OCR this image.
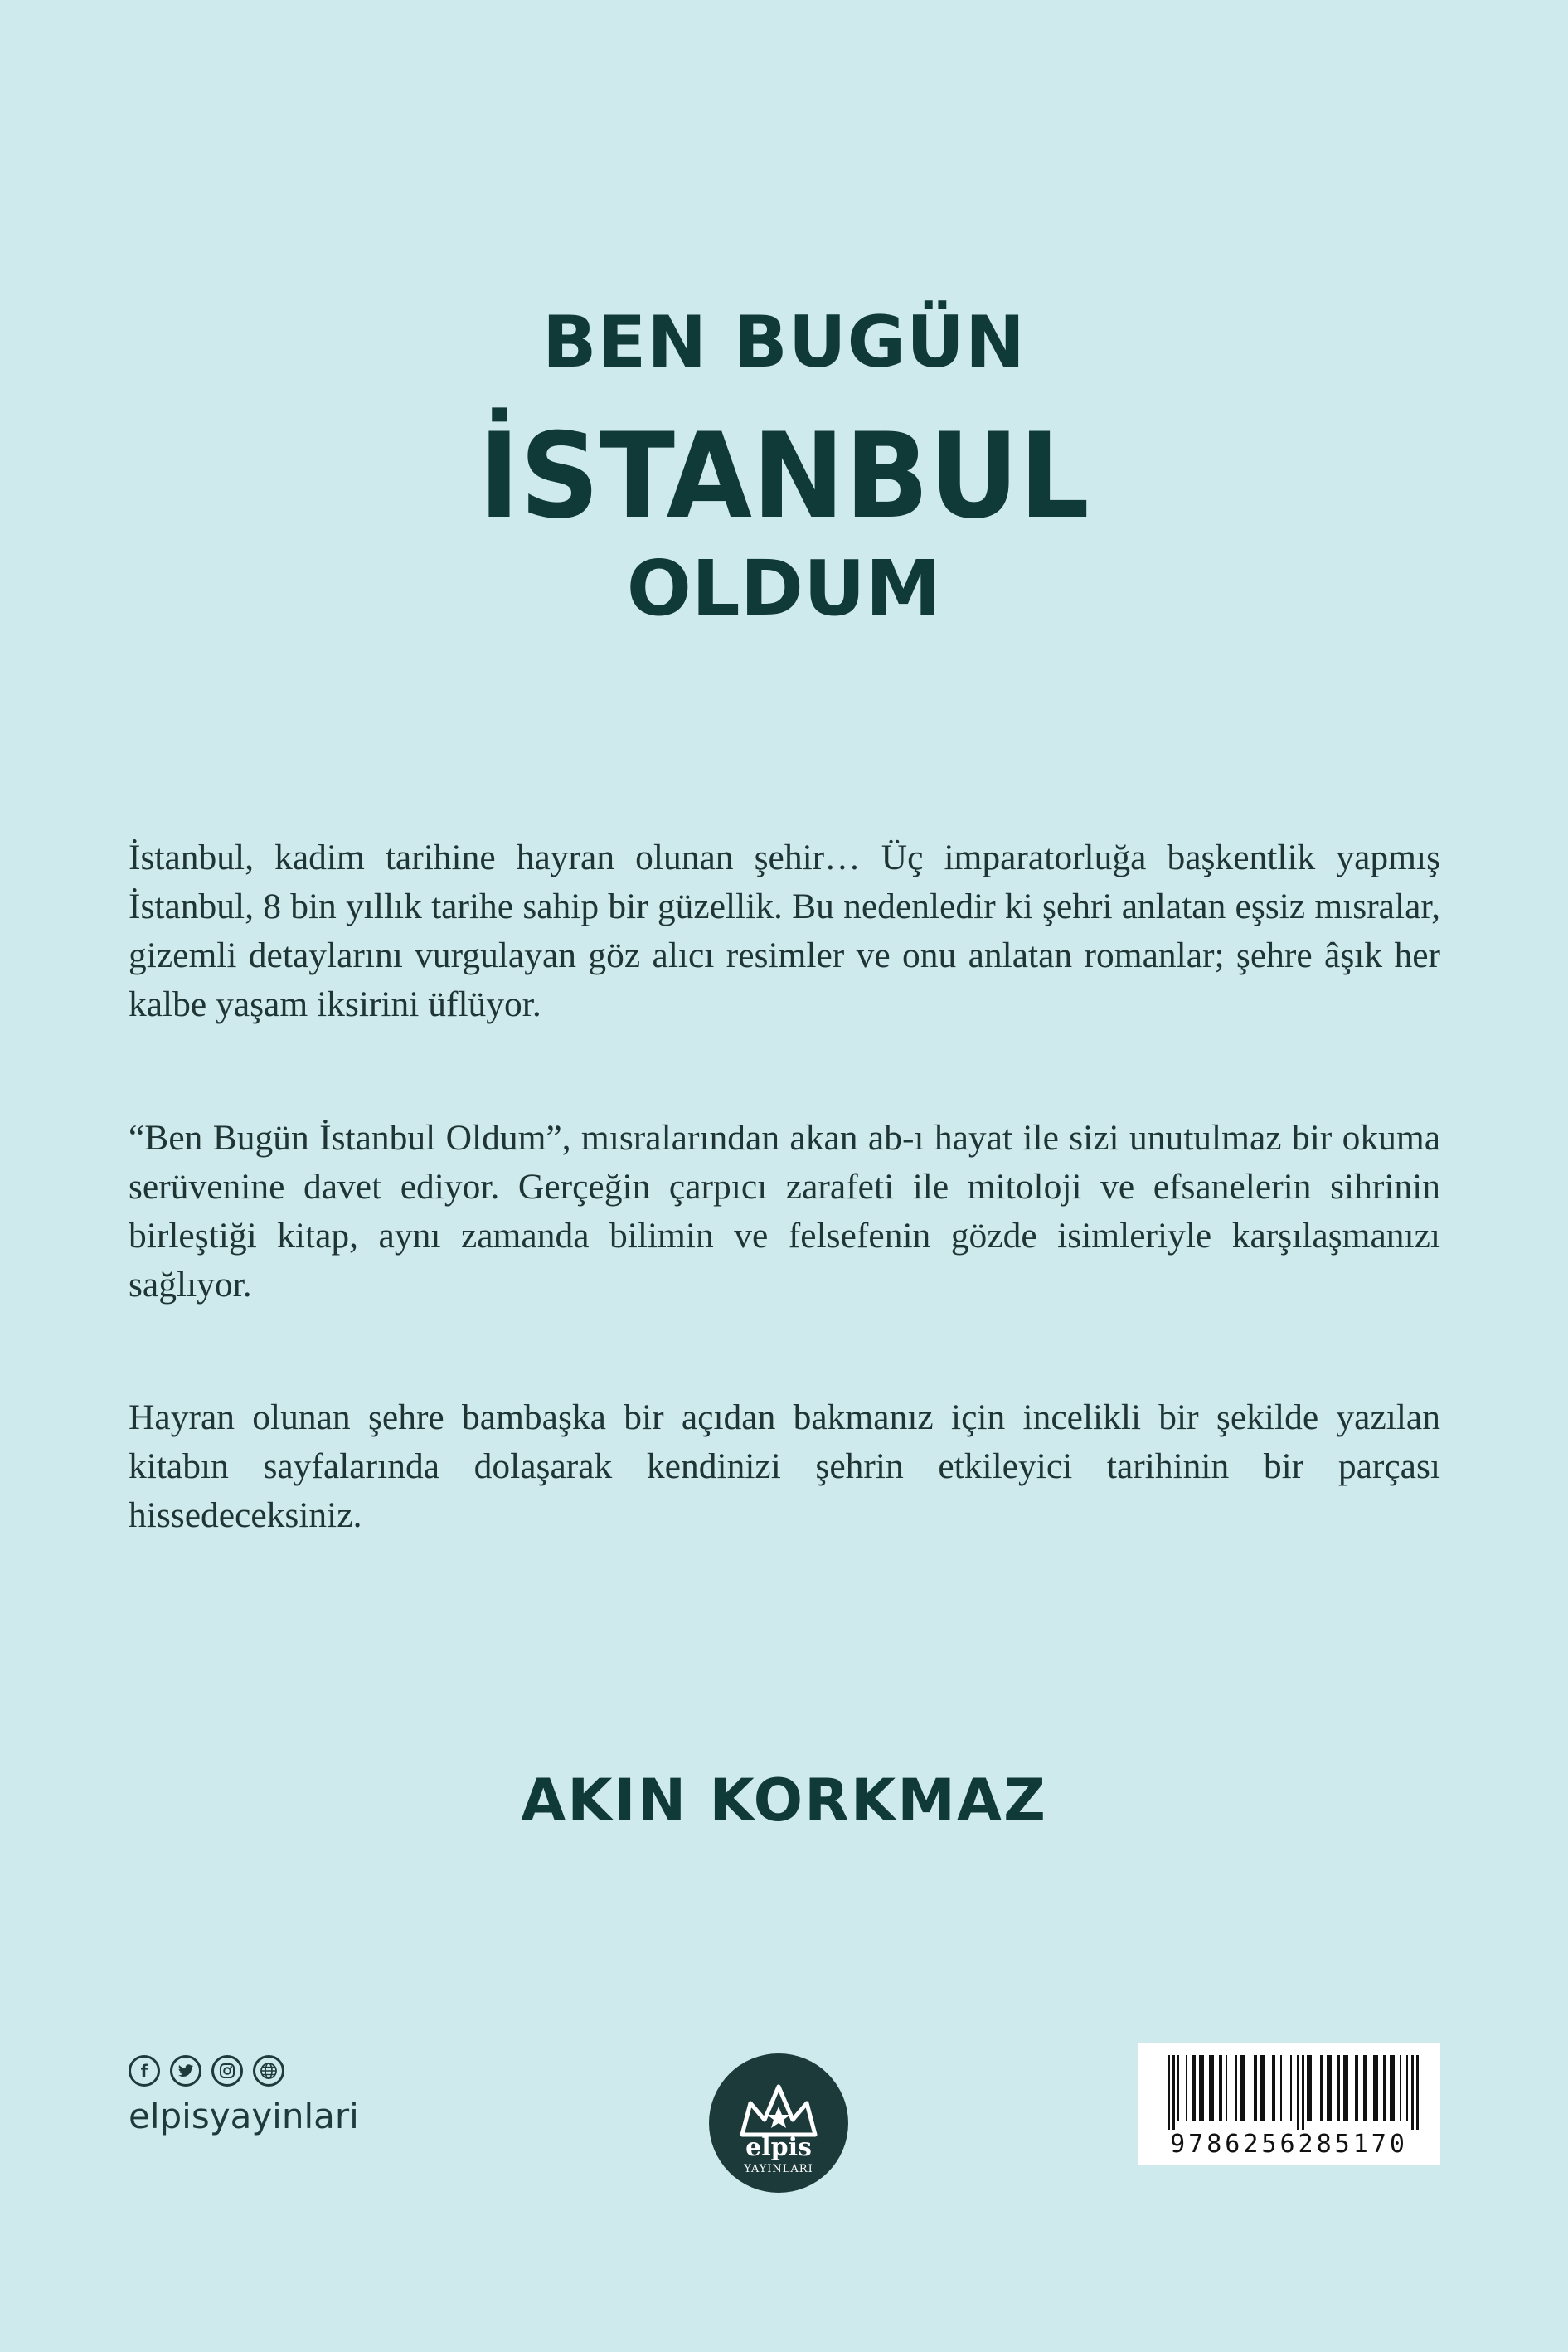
BEN BUGÜN
İSTANBUL
OLDUM
İstanbul, kadim tarihine hayran olunan şehir… Üç imparatorluğa başkentlik yapmış İstanbul, 8 bin yıllık tarihe sahip bir güzellik. Bu nedenledir ki şehri anlatan eşsiz mısralar, gizemli detaylarını vurgulayan göz alıcı resimler ve onu anlatan romanlar; şehre âşık her kalbe yaşam iksirini üflüyor.
“Ben Bugün İstanbul Oldum”, mısralarından akan ab-ı hayat ile sizi unutulmaz bir okuma serüvenine davet ediyor. Gerçeğin çarpıcı zarafeti ile mitoloji ve efsanelerin sihrinin birleştiği kitap, aynı zamanda bilimin ve felsefenin gözde isimleriyle karşılaşmanızı sağlıyor.
Hayran olunan şehre bambaşka bir açıdan bakmanız için incelikli bir şekilde yazılan kitabın sayfalarında dolaşarak kendinizi şehrin etkileyici tarihinin bir parçası hissedeceksiniz.
AKIN KORKMAZ
f
elpisyayinlari
elpis
YAYINLARI
9786256285170
